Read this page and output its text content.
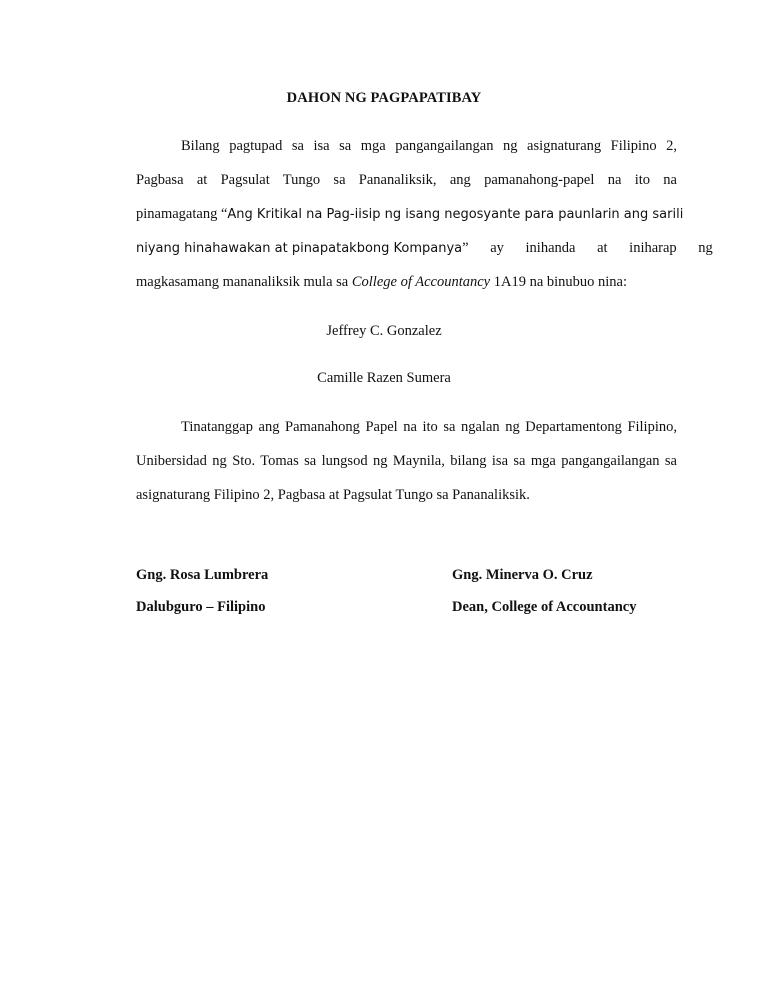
DAHON NG PAGPAPATIBAY
Bilang pagtupad sa isa sa mga pangangailangan ng asignaturang Filipino 2,
Pagbasa at Pagsulat Tungo sa Pananaliksik, ang pamanahong-papel na ito na
pinamagatang “Ang Kritikal na Pag-iisip ng isang negosyante para paunlarin ang sarili
niyang hinahawakan at pinapatakbong Kompanya” ay inihanda at iniharap ng
magkasamang mananaliksik mula sa College of Accountancy 1A19 na binubuo nina:
Jeffrey C. Gonzalez
Camille Razen Sumera
Tinatanggap ang Pamanahong Papel na ito sa ngalan ng Departamentong Filipino,
Unibersidad ng Sto. Tomas sa lungsod ng Maynila, bilang isa sa mga pangangailangan sa
asignaturang Filipino 2, Pagbasa at Pagsulat Tungo sa Pananaliksik.
Gng. Rosa Lumbrera
Dalubguro – Filipino
Gng. Minerva O. Cruz
Dean, College of Accountancy
